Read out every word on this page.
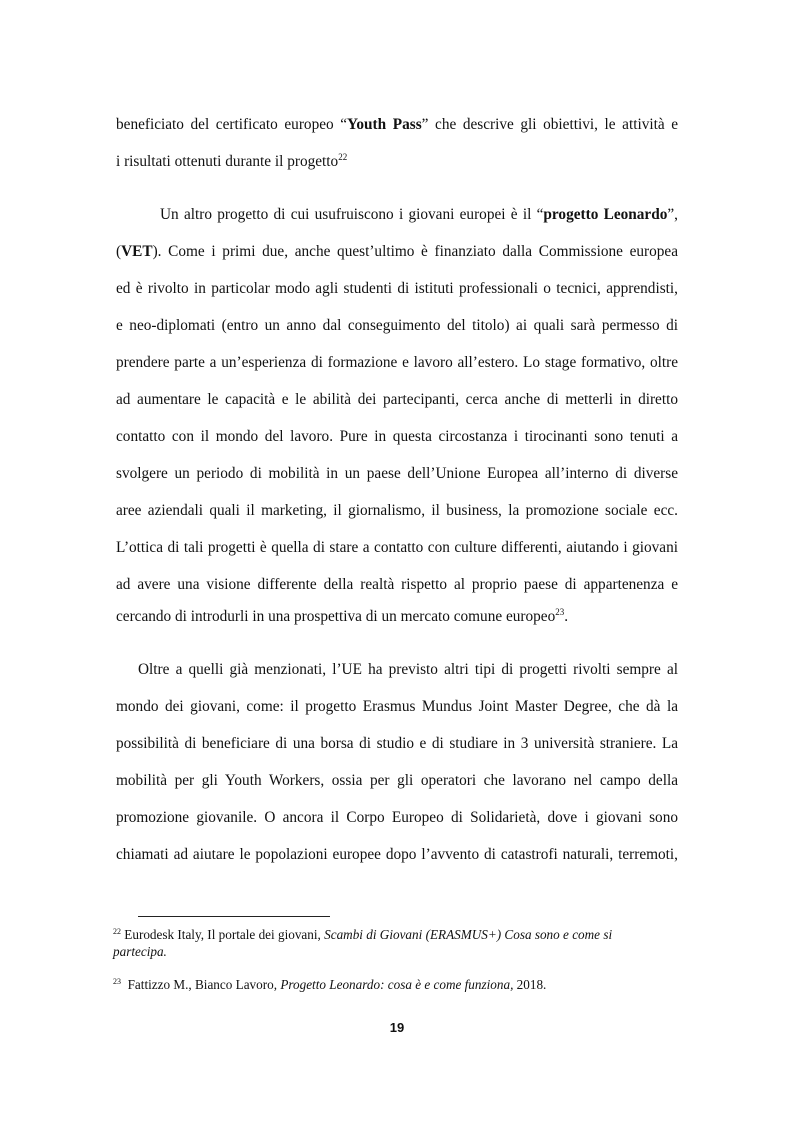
beneficiato del certificato europeo “Youth Pass” che descrive gli obiettivi, le attività e
i risultati ottenuti durante il progetto$^{22}$
Un altro progetto di cui usufruiscono i giovani europei è il “progetto Leonardo”,
(VET). Come i primi due, anche quest’ultimo è finanziato dalla Commissione europea
ed è rivolto in particolar modo agli studenti di istituti professionali o tecnici, apprendisti,
e neo-diplomati (entro un anno dal conseguimento del titolo) ai quali sarà permesso di
prendere parte a un’esperienza di formazione e lavoro all’estero. Lo stage formativo, oltre
ad aumentare le capacità e le abilità dei partecipanti, cerca anche di metterli in diretto
contatto con il mondo del lavoro. Pure in questa circostanza i tirocinanti sono tenuti a
svolgere un periodo di mobilità in un paese dell’Unione Europea all’interno di diverse
aree aziendali quali il marketing, il giornalismo, il business, la promozione sociale ecc.
L’ottica di tali progetti è quella di stare a contatto con culture differenti, aiutando i giovani
ad avere una visione differente della realtà rispetto al proprio paese di appartenenza e
cercando di introdurli in una prospettiva di un mercato comune europeo$^{23}$.
Oltre a quelli già menzionati, l’UE ha previsto altri tipi di progetti rivolti sempre al
mondo dei giovani, come: il progetto Erasmus Mundus Joint Master Degree, che dà la
possibilità di beneficiare di una borsa di studio e di studiare in 3 università straniere. La
mobilità per gli Youth Workers, ossia per gli operatori che lavorano nel campo della
promozione giovanile. O ancora il Corpo Europeo di Solidarietà, dove i giovani sono
chiamati ad aiutare le popolazioni europee dopo l’avvento di catastrofi naturali, terremoti,
$^{22}$ Eurodesk Italy, Il portale dei giovani, Scambi di Giovani (ERASMUS+) Cosa sono e come si
partecipa.
$^{23}$ Fattizzo M., Bianco Lavoro, Progetto Leonardo: cosa è e come funziona, 2018.
19
